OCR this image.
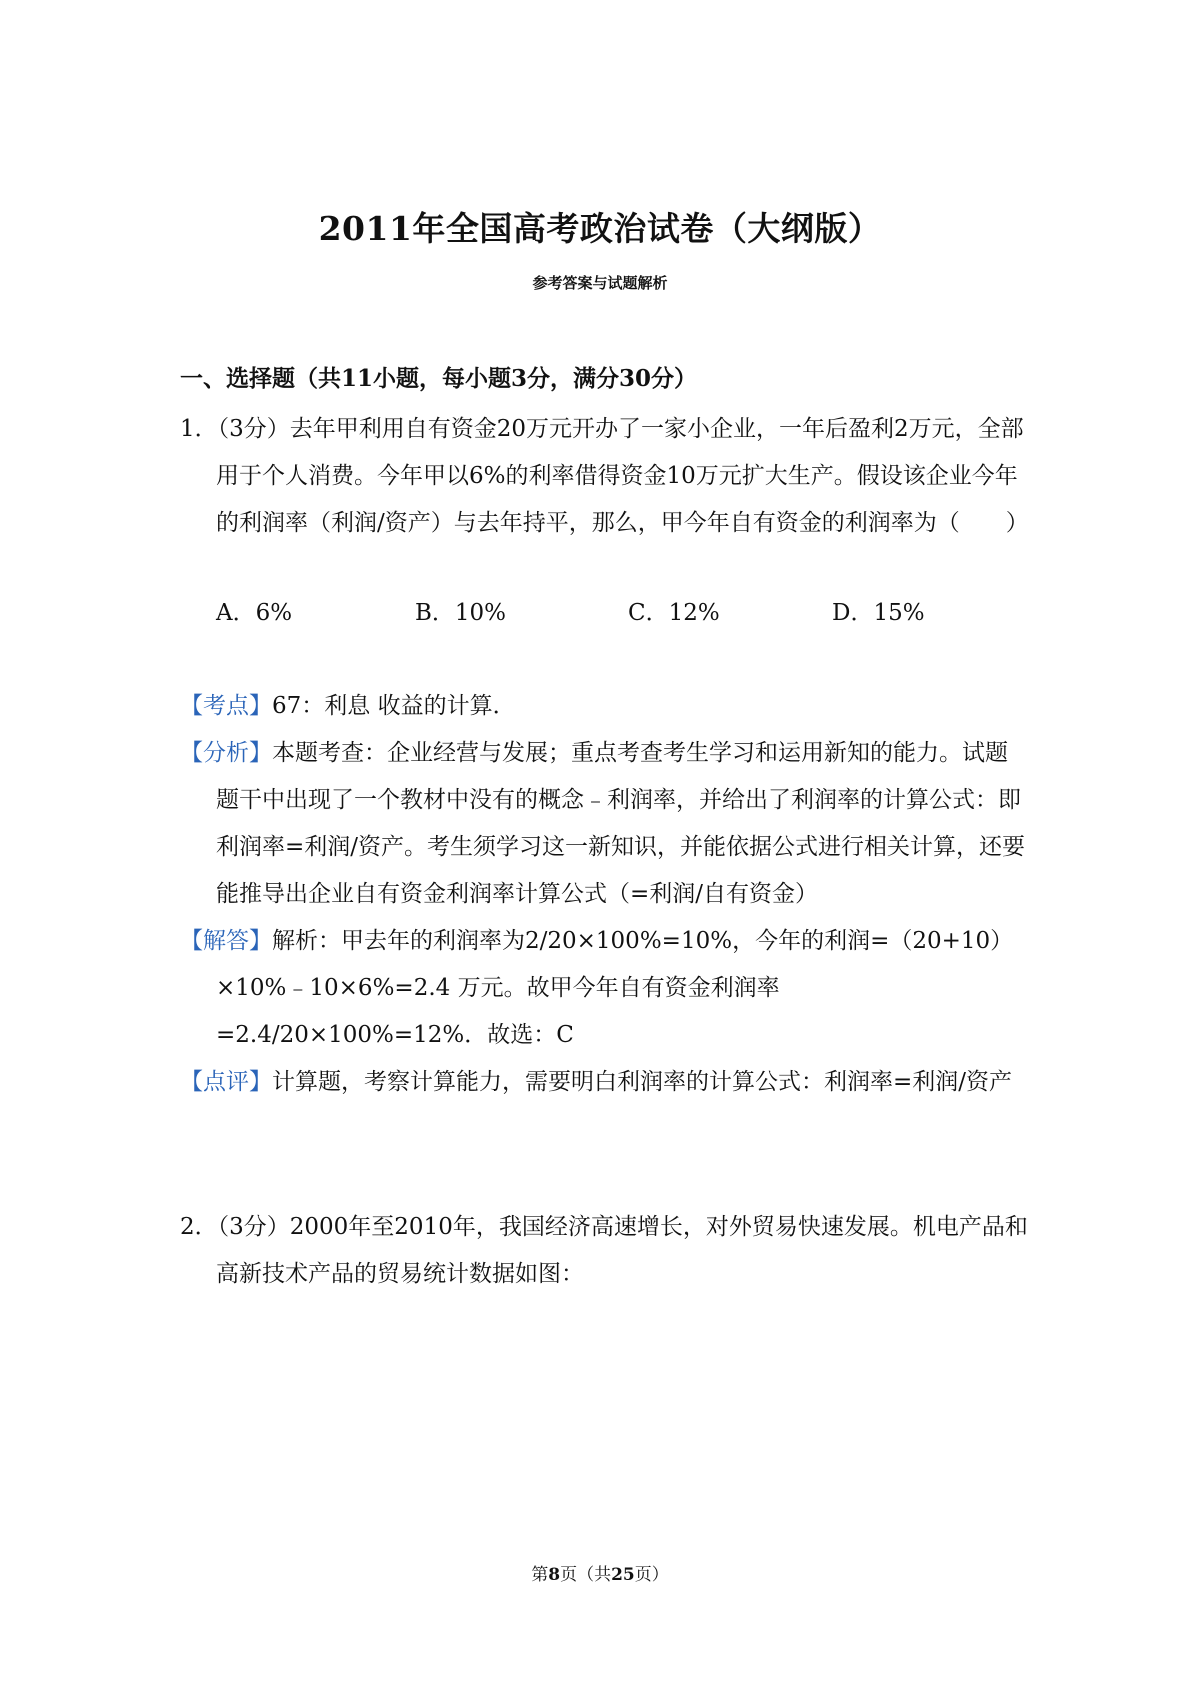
2011年全国高考政治试卷（大纲版）
参考答案与试题解析
一、选择题（共11小题，每小题3分，满分30分）

1．（3分）去年甲利用自有资金20万元开办了一家小企业，一年后盈利2万元，全部用于个人消费。今年甲以6%的利率借得资金10万元扩大生产。假设该企业今年的利润率（利润/资产）与去年持平，那么，甲今年自有资金的利润率为（　　）

A．6%	B．10%	C．12%	D．15%

【考点】67：利息 收益的计算．

【分析】本题考查：企业经营与发展；重点考查考生学习和运用新知的能力。试题题干中出现了一个教材中没有的概念﹣利润率，并给出了利润率的计算公式：即利润率=利润/资产。考生须学习这一新知识，并能依据公式进行相关计算，还要能推导出企业自有资金利润率计算公式（=利润/自有资金）

【解答】解析：甲去年的利润率为2/20×100%=10%，今年的利润=（20+10）×10%﹣10×6%=2.4 万元。故甲今年自有资金利润率=2.4/20×100%=12%．故选：C

【点评】计算题，考察计算能力，需要明白利润率的计算公式：利润率=利润/资产

2．（3分）2000年至2010年，我国经济高速增长，对外贸易快速发展。机电产品和高新技术产品的贸易统计数据如图：

第8页（共25页）
